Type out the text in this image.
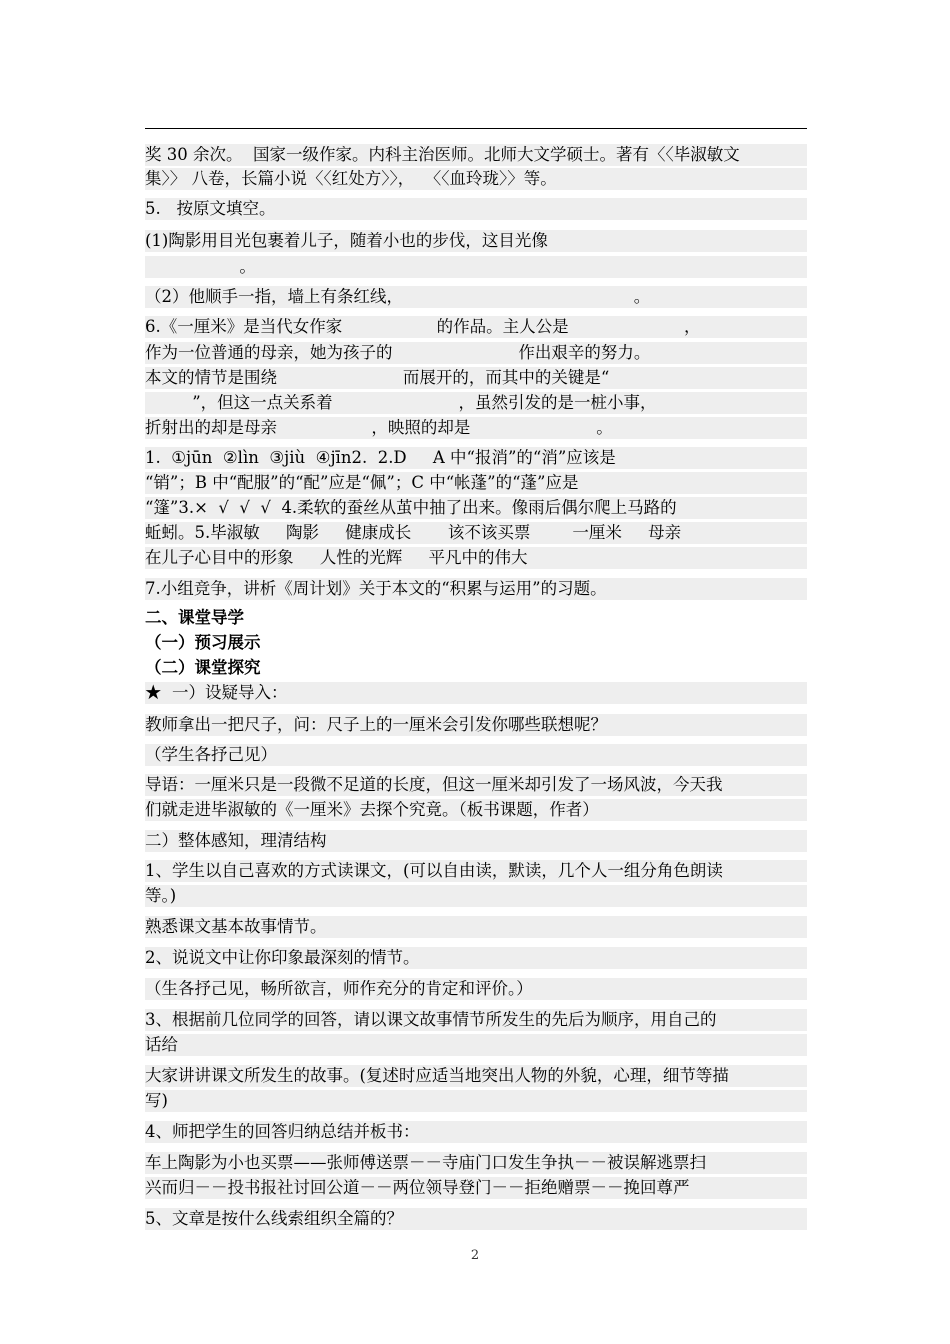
奖 30 余次。  国家一级作家。内科主治医师。北师大文学硕士。著有〈〈毕淑敏文
集〉〉 八卷，长篇小说〈〈红处方〉〉，  〈〈血玲珑〉〉等。
5.   按原文填空。
(1)陶影用目光包裹着儿子，随着小也的步伐，这目光像
。
（2）他顺手一指，墙上有条红线，                                            。
6.《一厘米》是当代女作家                  的作品。主人公是                      ，
作为一位普通的母亲，她为孩子的                        作出艰辛的努力。
本文的情节是围绕                        而展开的，而其中的关键是“
”，但这一点关系着                        ，虽然引发的是一桩小事，
折射出的却是母亲                  ，映照的却是                        。
1.  ①jūn  ②lìn  ③jiù  ④jīn2.  2.D     A 中“报消”的“消”应该是
“销”；B 中“配服”的“配”应是“佩”；C 中“帐蓬”的“蓬”应是
“篷”3.×  √  √  √  4.柔软的蚕丝从茧中抽了出来。像雨后偶尔爬上马路的
蚯蚓。5.毕淑敏     陶影     健康成长       该不该买票        一厘米     母亲
在儿子心目中的形象     人性的光辉     平凡中的伟大
7.小组竞争，讲析《周计划》关于本文的“积累与运用”的习题。
二、课堂导学
（一）预习展示
（二）课堂探究
★  一）设疑导入：
教师拿出一把尺子，问：尺子上的一厘米会引发你哪些联想呢？
（学生各抒己见）
导语：一厘米只是一段微不足道的长度，但这一厘米却引发了一场风波，今天我
们就走进毕淑敏的《一厘米》去探个究竟。（板书课题，作者）
二）整体感知，理清结构
1、学生以自己喜欢的方式读课文，(可以自由读，默读，几个人一组分角色朗读
等。)
熟悉课文基本故事情节。
2、说说文中让你印象最深刻的情节。
（生各抒己见，畅所欲言，师作充分的肯定和评价。）
3、根据前几位同学的回答，请以课文故事情节所发生的先后为顺序，用自己的
话给
大家讲讲课文所发生的故事。(复述时应适当地突出人物的外貌，心理，细节等描
写)
4、师把学生的回答归纳总结并板书：
车上陶影为小也买票——张师傅送票－－寺庙门口发生争执－－被误解逃票扫
兴而归－－投书报社讨回公道－－两位领导登门－－拒绝赠票－－挽回尊严
5、文章是按什么线索组织全篇的？
2
